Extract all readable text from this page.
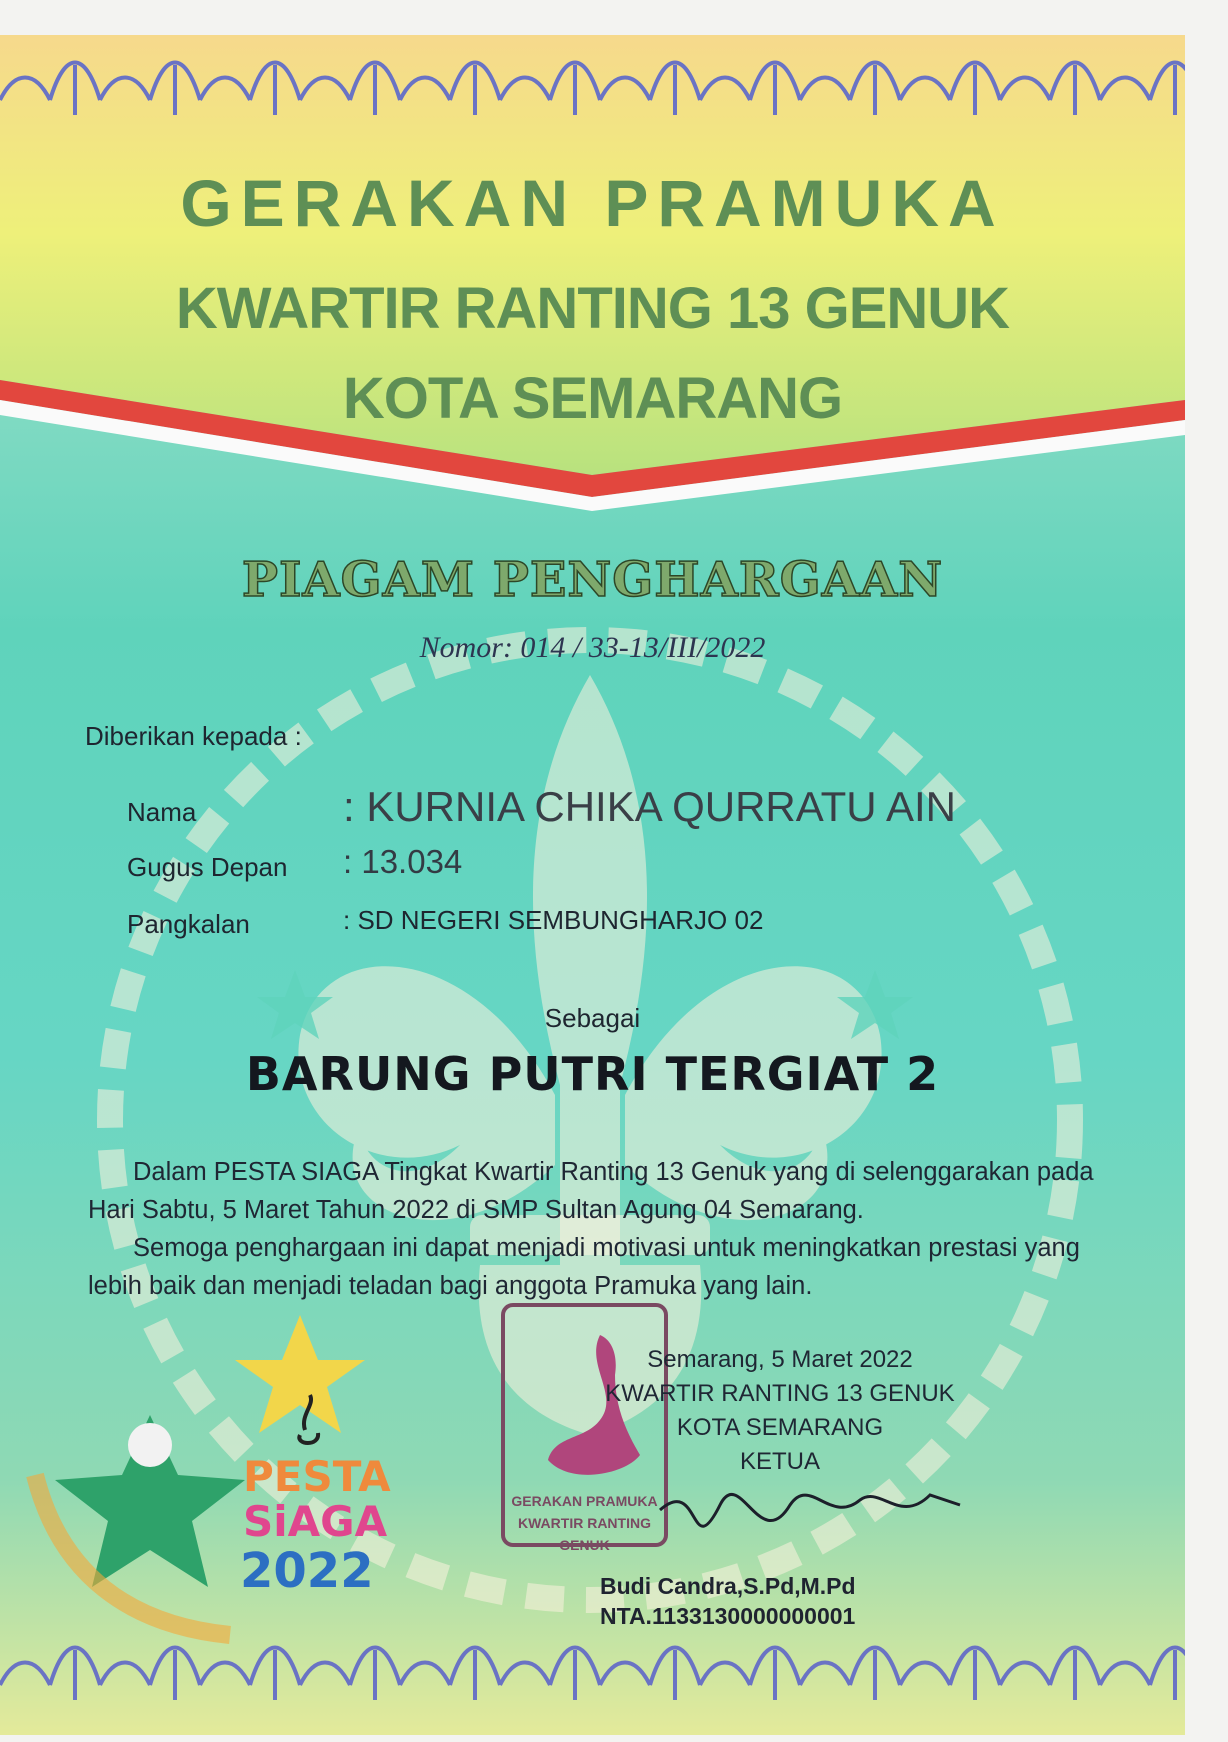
GERAKAN PRAMUKA
KWARTIR RANTING 13 GENUK
KOTA SEMARANG
PIAGAM PENGHARGAAN
Nomor: 014 / 33-13/III/2022
Diberikan kepada :
Nama	: KURNIA CHIKA QURRATU AIN
Gugus Depan : 13.034
Pangkalan	: SD NEGERI SEMBUNGHARJO 02
Sebagai
BARUNG PUTRI TERGIAT 2

Dalam PESTA SIAGA Tingkat Kwartir Ranting 13 Genuk yang di selenggarakan pada Hari Sabtu, 5 Maret Tahun 2022 di SMP Sultan Agung 04 Semarang.

Semoga penghargaan ini dapat menjadi motivasi untuk meningkatkan prestasi yang lebih baik dan menjadi teladan bagi anggota Pramuka yang lain.

GERAKAN PRAMUKA
KWARTIR RANTING
GENUK
Semarang, 5 Maret 2022
KWARTIR RANTING 13 GENUK
KOTA SEMARANG
KETUA
Budi Candra,S.Pd,M.Pd
NTA.1133130000000001
PESTA
SiAGA
2022
